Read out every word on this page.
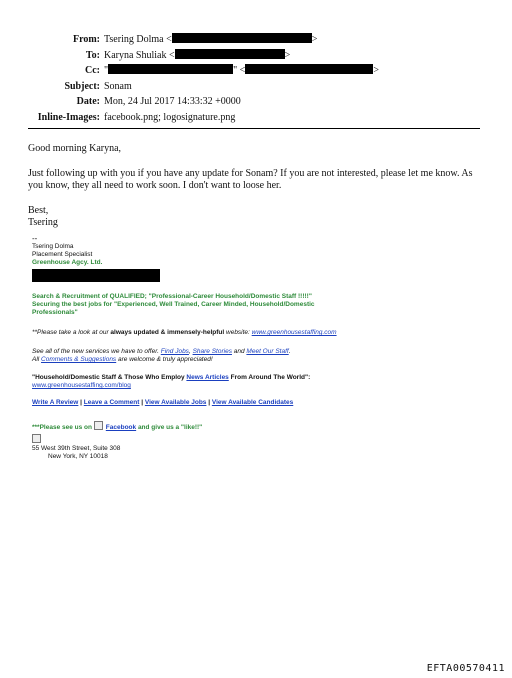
From: Tsering Dolma <	>
To: Karyna Shuliak <	>
Cc: "	" <	>
Subject: Sonam
Date: Mon, 24 Jul 2017 14:33:32 +0000
Inline-Images: facebook.png; logosignature.png

Good morning Karyna,

Just following up with you if you have any update for Sonam? If you are not interested, please let me know. As you know, they all need to work soon. I don't want to loose her.

Best,

Tsering

--
Tsering Dolma
Placement Specialist
Greenhouse Agcy. Ltd.
Search & Recruitment of QUALIFIED; "Professional-Career Household/Domestic Staff !!!!!"
Securing the best jobs for "Experienced, Well Trained, Career Minded, Household/Domestic Professionals"
**Please take a look at our always updated & immensely-helpful website: www.greenhousestaffing.com
See all of the new services we have to offer. Find Jobs, Share Stories and Meet Our Staff.
All Comments & Suggestions are welcome & truly appreciated!
"Household/Domestic Staff & Those Who Employ News Articles From Around The World":
www.greenhousestaffing.com/blog
Write A Review | Leave a Comment | View Available Jobs | View Available Candidates
***Please see us on Facebook and give us a "like!!"
55 West 39th Street, Suite 308
New York, NY 10018
EFTA00570411
